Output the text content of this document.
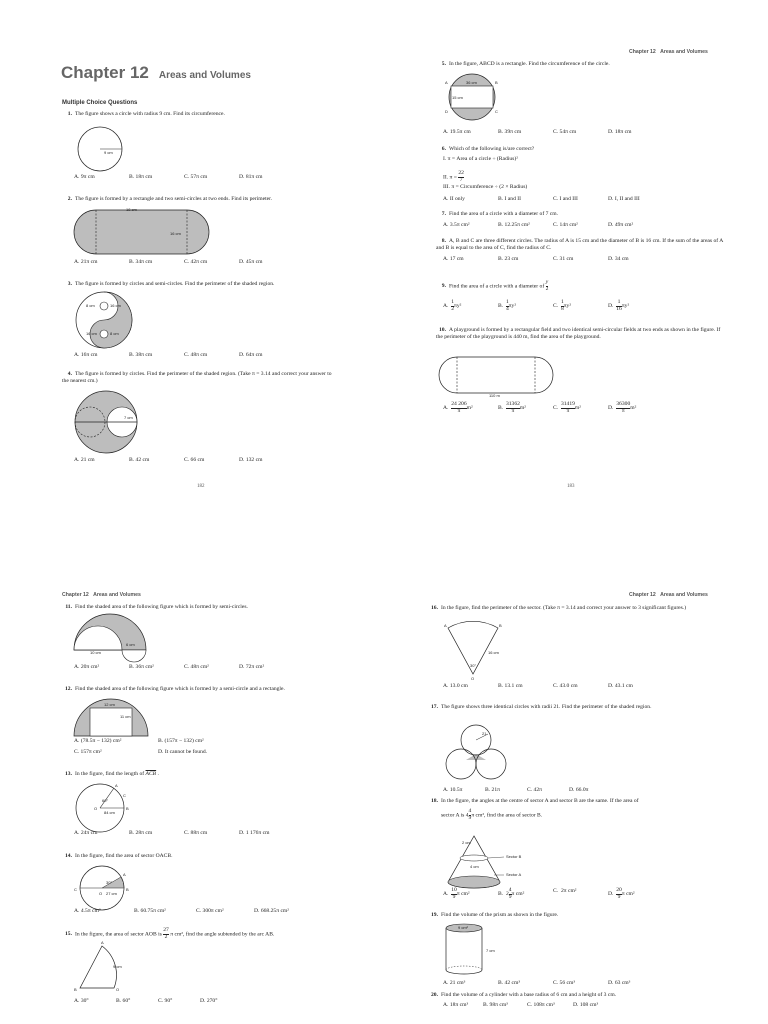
Chapter 12 Areas and Volumes
Multiple Choice Questions
1. The figure shows a circle with radius 9 cm. Find its circumference.
9 cm
A. 9π cm	B. 18π cm	C. 57π cm	D. 81π cm
2. The figure is formed by a rectangle and two semi-circles at two ends. Find its perimeter.
18 cm
16 cm
A. 21π cm	B. 34π cm	C. 42π cm	D. 45π cm
3. The figure is formed by circles and semi-circles. Find the perimeter of the shaded region.
8 cm	16 cm
16 cm	8 cm
A. 16π cm	B. 38π cm	C. 48π cm	D. 64π cm
4. The figure is formed by circles. Find the perimeter of the shaded region. (Take π = 3.14 and correct your answer to the nearest cm.)
7 cm
A. 21 cm	B. 42 cm	C. 66 cm	D. 132 cm
182
Chapter 12 Areas and Volumes
5. In the figure, ABCD is a rectangle. Find the circumference of the circle.
36 cm
15 cm
A	B
C
D
A. 19.5π cm	B. 39π cm	C. 54π cm	D. 18π cm
6. Which of the following is/are correct?
I. π = Area of a circle ÷ (Radius)²
II. $\pi = \frac{22}{7}$
III. π = Circumference ÷ (2 × Radius)
A. II only	B. I and II	C. I and III	D. I, II and III
7. Find the area of a circle with a diameter of 7 cm.
A. 3.5π cm²	B. 12.25π cm²	C. 14π cm²	D. 49π cm²
8. A, B and C are three different circles. The radius of A is 15 cm and the diameter of B is 16 cm. If the sum of the areas of A and B is equal to the area of C, find the radius of C.
A. 17 cm	B. 23 cm	C. 31 cm	D. 34 cm
9. Find the area of a circle with a diameter of $\frac{y}{2}$
A. $\frac{1}{2} \pi y^2$	B. $\frac{1}{4} \pi y^2$	C. $\frac{1}{8} \pi y^2$	D. $\frac{1}{16} \pi y^2$
10. A playground is formed by a rectangular field and two identical semi-circular fields at two ends as shown in the figure. If the perimeter of the playground is 440 m, find the area of the playground.
110 m
A. $\frac{24 206}{\pi} m^2$	B. $\frac{31362}{\pi} m^2$	C. $\frac{31419}{\pi} m^2$	D. $\frac{36300}{\pi} m^2$
183
Chapter 12 Areas and Volumes
11. Find the shaded area of the following figure which is formed by semi-circles.
10 cm
6 cm
A. 20π cm²	B. 36π cm²	C. 48π cm²	D. 72π cm²
12. Find the shaded area of the following figure which is formed by a semi-circle and a rectangle.
12 cm
11 cm
A. (78.5π − 132) cm²	B. (157π − 132) cm²
C. 157π cm²	D. It cannot be found.
13. In the figure, find the length of $\overline{ACB}$ .
60°
84 cm
A
B
C
O
A. 24π cm	B. 28π cm	C. 88π cm	D. 1 176π cm
14. In the figure, find the area of sector OACB.
30°
27 cm
A
B
C
O
A. 4.5π cm²	B. 60.75π cm²	C. 300π cm²	D. 668.25π cm²
15. In the figure, the area of sector AOB is $\frac{27}{2}$ π cm², find the angle subtended by the arc AB.
9 cm
A
B	O
A. 30°	B. 60°	C. 90°	D. 270°
Chapter 12 Areas and Volumes
16. In the figure, find the perimeter of the sector. (Take π = 3.14 and correct your answer to 3 significant figures.)
30°
16 cm
A	B
O
A. 13.0 cm	B. 13.1 cm	C. 43.0 cm	D. 43.1 cm
17. The figure shows three identical circles with radii 21. Find the perimeter of the shaded region.
21
A. 10.5π	B. 21π	C. 42π	D. 66.0π
18. In the figure, the angles at the centre of sector A and sector B are the same. If the area of
sector A is $4 \frac{4}{9}$ π cm², find the area of sector B.
2 cm
4 cm
Sector B
Sector A
A. $\frac{10}{9}$ π cm²	B. $2 \frac{4}{9}$ π cm²
C. 2π cm²
D. $\frac{20}{9}$ π cm²
19. Find the volume of the prism as shown in the figure.
9 cm²
7 cm
A. 21 cm³	B. 42 cm³	C. 56 cm³	D. 63 cm³
20. Find the volume of a cylinder with a base radius of 6 cm and a height of 3 cm.
A. 18π cm³	B. 98π cm³	C. 108π cm³	D. 108 cm³
